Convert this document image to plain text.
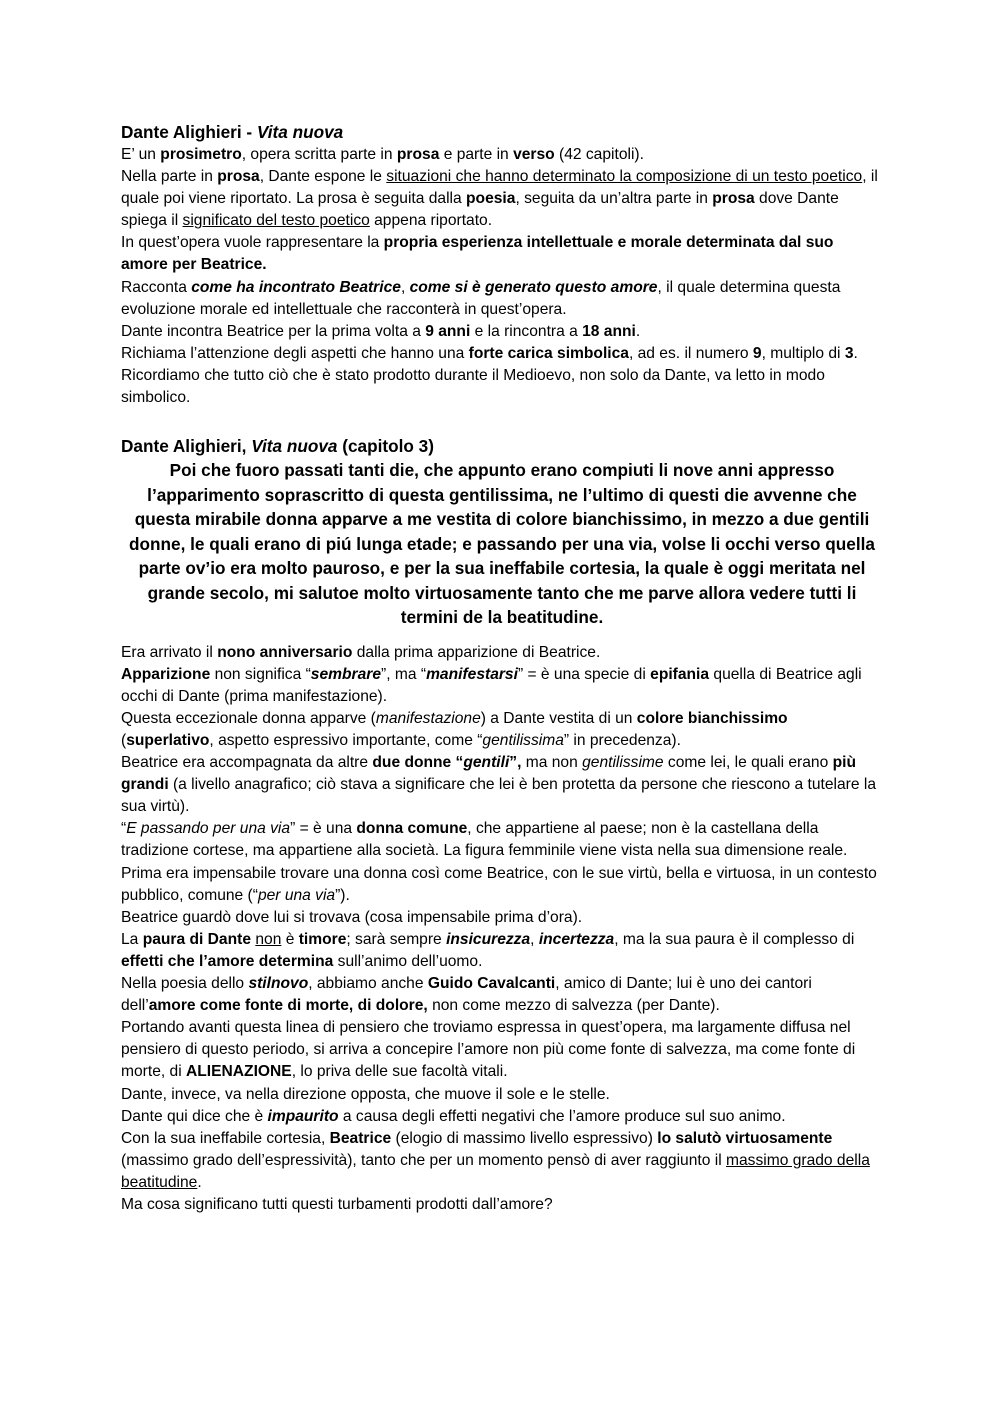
Dante Alighieri - Vita nuova

E’ un prosimetro, opera scritta parte in prosa e parte in verso (42 capitoli).

Nella parte in prosa, Dante espone le situazioni che hanno determinato la composizione di un testo poetico, il quale poi viene riportato. La prosa è seguita dalla poesia, seguita da un’altra parte in prosa dove Dante spiega il significato del testo poetico appena riportato.

In quest’opera vuole rappresentare la propria esperienza intellettuale e morale determinata dal suo amore per Beatrice.

Racconta come ha incontrato Beatrice, come si è generato questo amore, il quale determina questa evoluzione morale ed intellettuale che racconterà in quest’opera.

Dante incontra Beatrice per la prima volta a 9 anni e la rincontra a 18 anni.

Richiama l’attenzione degli aspetti che hanno una forte carica simbolica, ad es. il numero 9, multiplo di 3. Ricordiamo che tutto ciò che è stato prodotto durante il Medioevo, non solo da Dante, va letto in modo simbolico.

Dante Alighieri, Vita nuova (capitolo 3)

Poi che fuoro passati tanti die, che appunto erano compiuti li nove anni appresso l’apparimento soprascritto di questa gentilissima, ne l’ultimo di questi die avvenne che questa mirabile donna apparve a me vestita di colore bianchissimo, in mezzo a due gentili donne, le quali erano di piú lunga etade; e passando per una via, volse li occhi verso quella parte ov’io era molto pauroso, e per la sua ineffabile cortesia, la quale è oggi meritata nel grande secolo, mi salutoe molto virtuosamente tanto che me parve allora vedere tutti li termini de la beatitudine.

Era arrivato il nono anniversario dalla prima apparizione di Beatrice.

Apparizione non significa “sembrare”, ma “manifestarsi” = è una specie di epifania quella di Beatrice agli occhi di Dante (prima manifestazione).

Questa eccezionale donna apparve (manifestazione) a Dante vestita di un colore bianchissimo (superlativo, aspetto espressivo importante, come “gentilissima” in precedenza).

Beatrice era accompagnata da altre due donne “gentili”, ma non gentilissime come lei, le quali erano più grandi (a livello anagrafico; ciò stava a significare che lei è ben protetta da persone che riescono a tutelare la sua virtù).

“E passando per una via” = è una donna comune, che appartiene al paese; non è la castellana della tradizione cortese, ma appartiene alla società. La figura femminile viene vista nella sua dimensione reale.

Prima era impensabile trovare una donna così come Beatrice, con le sue virtù, bella e virtuosa, in un contesto pubblico, comune (“per una via”).

Beatrice guardò dove lui si trovava (cosa impensabile prima d’ora).

La paura di Dante non è timore; sarà sempre insicurezza, incertezza, ma la sua paura è il complesso di effetti che l’amore determina sull’animo dell’uomo.

Nella poesia dello stilnovo, abbiamo anche Guido Cavalcanti, amico di Dante; lui è uno dei cantori dell’amore come fonte di morte, di dolore, non come mezzo di salvezza (per Dante).

Portando avanti questa linea di pensiero che troviamo espressa in quest’opera, ma largamente diffusa nel pensiero di questo periodo, si arriva a concepire l’amore non più come fonte di salvezza, ma come fonte di morte, di ALIENAZIONE, lo priva delle sue facoltà vitali.

Dante, invece, va nella direzione opposta, che muove il sole e le stelle.

Dante qui dice che è impaurito a causa degli effetti negativi che l’amore produce sul suo animo.

Con la sua ineffabile cortesia, Beatrice (elogio di massimo livello espressivo) lo salutò virtuosamente (massimo grado dell’espressività), tanto che per un momento pensò di aver raggiunto il massimo grado della beatitudine.

Ma cosa significano tutti questi turbamenti prodotti dall’amore?
